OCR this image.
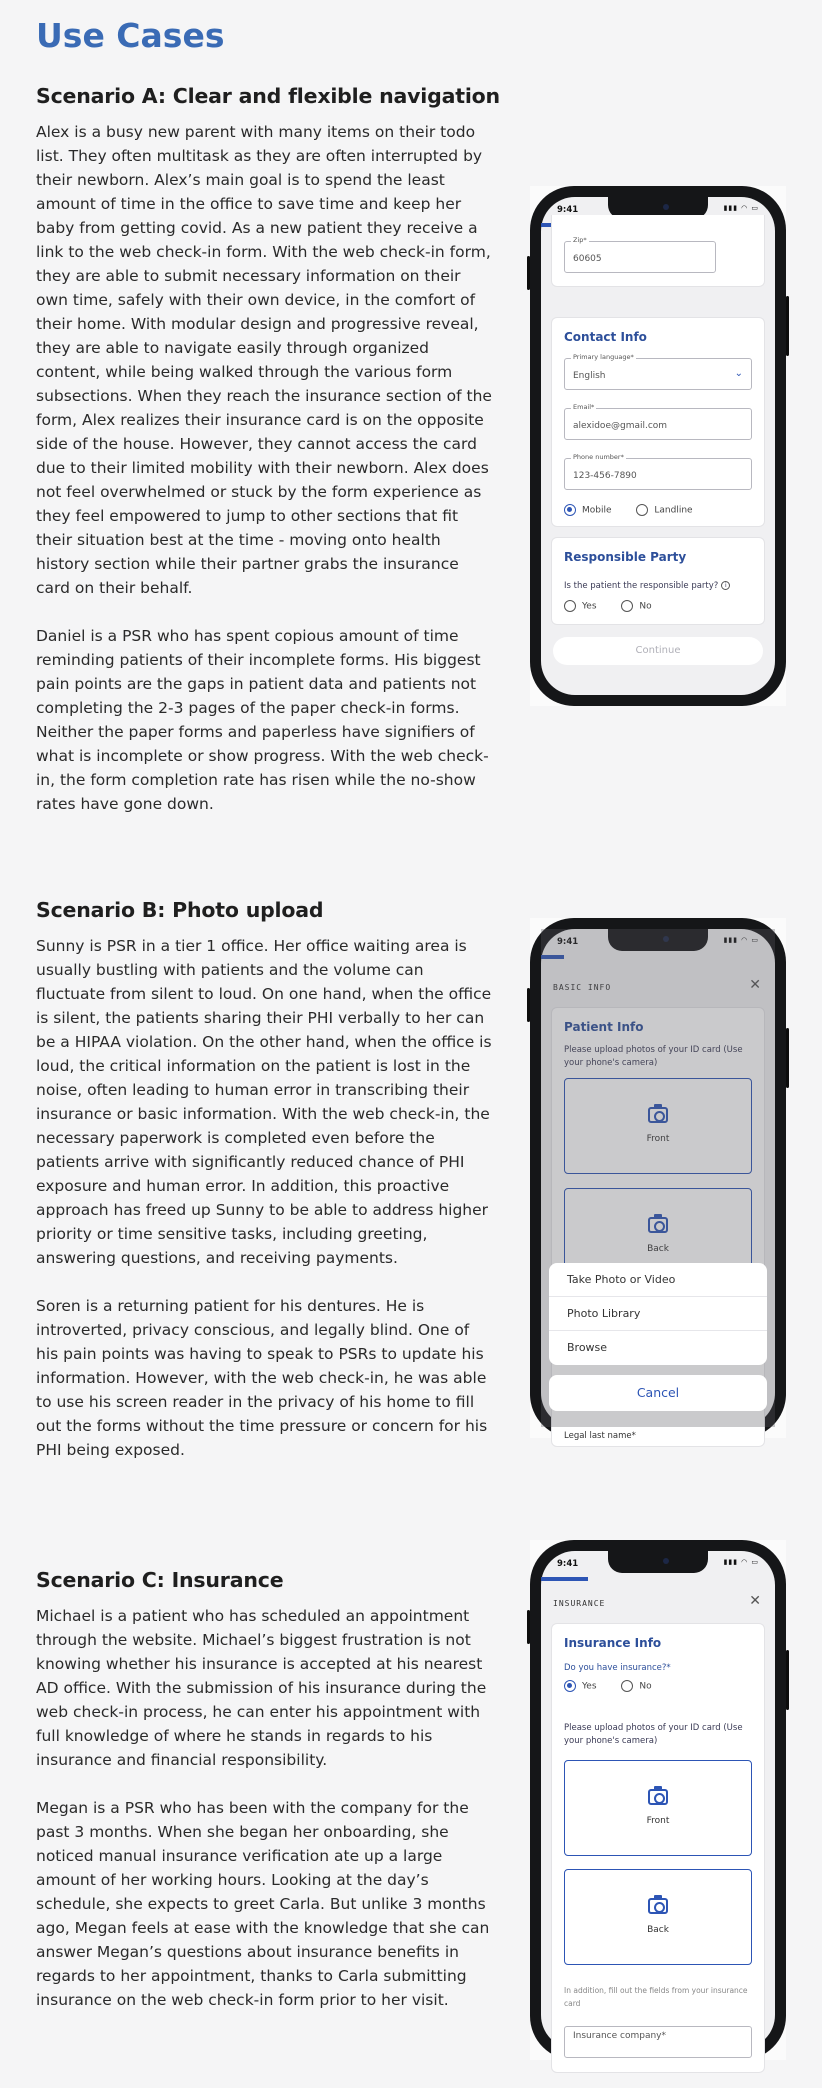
Use Cases
Scenario A: Clear and flexible navigation

Alex is a busy new parent with many items on their todo list. They often multitask as they are often interrupted by their newborn. Alex’s main goal is to spend the least amount of time in the office to save time and keep her baby from getting covid. As a new patient they receive a link to the web check-in form. With the web check-in form, they are able to submit necessary information on their own time, safely with their own device, in the comfort of their home. With modular design and progressive reveal, they are able to navigate easily through organized content, while being walked through the various form subsections. When they reach the insurance section of the form, Alex realizes their insurance card is on the opposite side of the house. However, they cannot access the card due to their limited mobility with their newborn. Alex does not feel overwhelmed or stuck by the form experience as they feel empowered to jump to other sections that fit their situation best at the time - moving onto health history section while their partner grabs the insurance card on their behalf.

Daniel is a PSR who has spent copious amount of time reminding patients of their incomplete forms. His biggest pain points are the gaps in patient data and patients not completing the 2-3 pages of the paper check-in forms. Neither the paper forms and paperless have signifiers of what is incomplete or show progress. With the web check-in, the form completion rate has risen while the no-show rates have gone down.

9:41	▮▮▮ ◠ ▭
Zip*
60605
Contact Info
Primary language*
English	⌄
Email*
alexidoe@gmail.com
Phone number*
123-456-7890
Mobile	Landline
Responsible Party
Is the patient the responsible party? i
Yes	No
Continue
Scenario B: Photo upload

Sunny is PSR in a tier 1 office. Her office waiting area is usually bustling with patients and the volume can fluctuate from silent to loud. On one hand, when the office is silent, the patients sharing their PHI verbally to her can be a HIPAA violation. On the other hand, when the office is loud, the critical information on the patient is lost in the noise, often leading to human error in transcribing their insurance or basic information. With the web check-in, the necessary paperwork is completed even before the patients arrive with significantly reduced chance of PHI exposure and human error. In addition, this proactive approach has freed up Sunny to be able to address higher priority or time sensitive tasks, including greeting, answering questions, and receiving payments.

Soren is a returning patient for his dentures. He is introverted, privacy conscious, and legally blind. One of his pain points was having to speak to PSRs to update his information. However, with the web check-in, he was able to use his screen reader in the privacy of his home to fill out the forms without the time pressure or concern for his PHI being exposed.

9:41	▮▮▮ ◠ ▭
BASIC INFO	✕
Patient Info
Please upload photos of your ID card (Use your phone's camera)
Front
Back
Legal last name*
Take Photo or Video
Photo Library
Browse
Cancel
Scenario C: Insurance

Michael is a patient who has scheduled an appointment through the website. Michael’s biggest frustration is not knowing whether his insurance is accepted at his nearest AD office. With the submission of his insurance during the web check-in process, he can enter his appointment with full knowledge of where he stands in regards to his insurance and financial responsibility.

Megan is a PSR who has been with the company for the past 3 months. When she began her onboarding, she noticed manual insurance verification ate up a large amount of her working hours. Looking at the day’s schedule, she expects to greet Carla. But unlike 3 months ago, Megan feels at ease with the knowledge that she can answer Megan’s questions about insurance benefits in regards to her appointment, thanks to Carla submitting insurance on the web check-in form prior to her visit.

9:41	▮▮▮ ◠ ▭
INSURANCE	✕
Insurance Info
Do you have insurance?*
Yes	No
Please upload photos of your ID card (Use your phone's camera)
Front
Back
In addition, fill out the fields from your insurance card
Insurance company*
